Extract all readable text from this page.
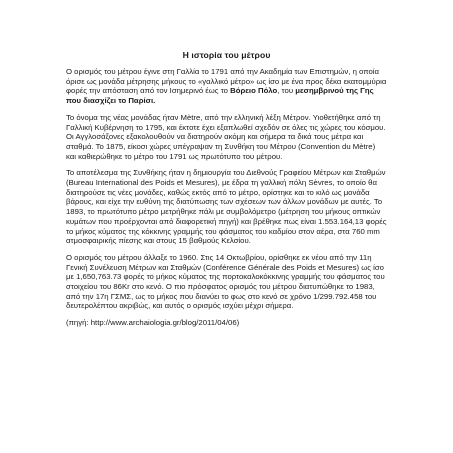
Η ιστορία του μέτρου

Ο ορισμός του μέτρου έγινε στη Γαλλία το 1791 από την Ακαδημία των Επιστημών, η οποία όρισε ως μονάδα μέτρησης μήκους το «γαλλικό μέτρο» ως ίσο με ένα προς δέκα εκατομμύρια φορές την απόσταση από τον Ισημερινό έως το Βόρειο Πόλο, του μεσημβρινού της Γης που διασχίζει το Παρίσι.

Το όνομα της νέας μονάδας ήταν Mètre, από την ελληνική λέξη Μέτρον. Υιοθετήθηκε από τη Γαλλική Κυβέρνηση το 1795, και έκτοτε έχει εξαπλωθεί σχεδόν σε όλες τις χώρες του κόσμου. Οι Αγγλοσάξονες εξακολουθούν να διατηρούν ακόμη και σήμερα τα δικά τους μέτρα και σταθμά. Το 1875, είκοσι χώρες υπέγραψαν τη Συνθήκη του Μέτρου (Convention du Mètre) και καθιερώθηκε το μέτρο του 1791 ως πρωτότυπο του μέτρου.

Το αποτέλεσμα της Συνθήκης ήταν η δημιουργία του Διεθνούς Γραφείου Μέτρων και Σταθμών (Bureau International des Poids et Mesures), με έδρα τη γαλλική πόλη Sèvres, το οποίο θα διατηρούσε τις νέες μονάδες, καθώς εκτός από το μέτρο, ορίστηκε και το κιλό ως μονάδα βάρους, και είχε την ευθύνη της διατύπωσης των σχέσεων των άλλων μονάδων με αυτές. Το 1893, το πρωτότυπο μέτρο μετρήθηκε πάλι με συμβολόμετρο (μέτρηση του μήκους οπτικών κυμάτων που προέρχονται από διαφορετική πηγή) και βρέθηκε πως είναι 1.553.164,13 φορές το μήκος κύματος της κόκκινης γραμμής του φάσματος του καδμίου στον αέρα, στα 760 mm ατμοσφαιρικής πίεσης και στους 15 βαθμούς Κελσίου.

Ο ορισμός του μέτρου άλλαξε το 1960. Στις 14 Οκτωβρίου, ορίσθηκε εκ νέου από την 11η Γενική Συνέλευση Μέτρων και Σταθμών (Conférence Générale des Poids et Mesures) ως ίσο με 1,650,763.73 φορές το μήκος κύματος της πορτοκαλοκόκκινης γραμμής του φάσματος του στοιχείου του 86Kr στο κενό. Ο πιο πρόσφατος ορισμός του μέτρου διατυπώθηκε το 1983, από την 17η ΓΣΜΣ, ως το μήκος που διανύει το φως στο κενό σε χρόνο 1/299.792.458 του δευτερολέπτου ακριβώς, και αυτός ο ορισμός ισχύει μέχρι σήμερα.

(πηγή: http://www.archaiologia.gr/blog/2011/04/06)
